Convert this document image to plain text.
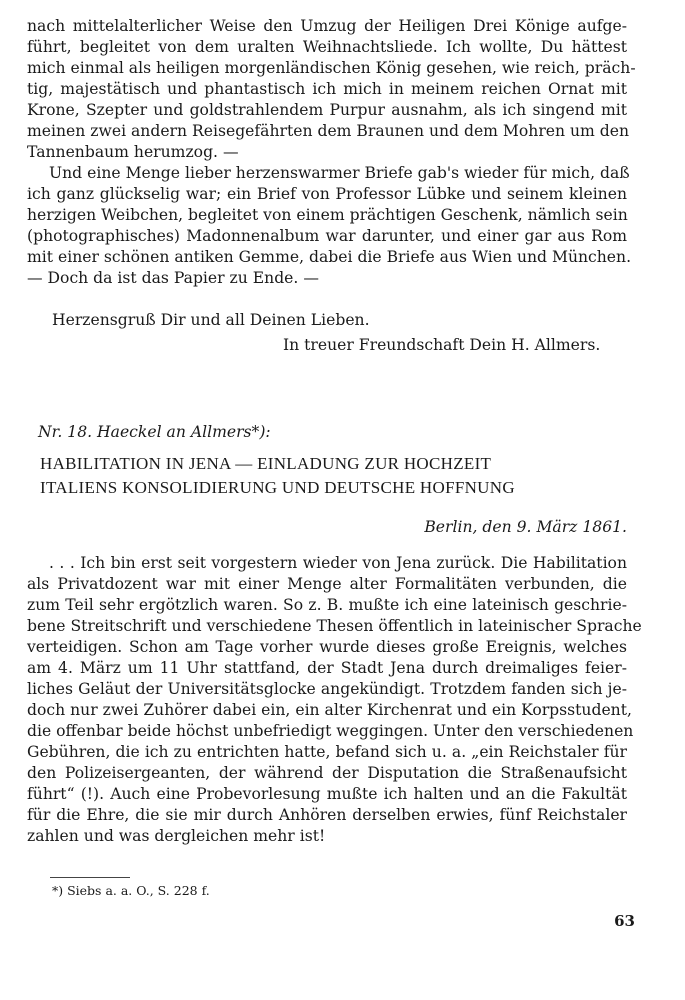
nach mittelalterlicher Weise den Umzug der Heiligen Drei Könige aufge-
führt, begleitet von dem uralten Weihnachtsliede. Ich wollte, Du hättest
mich einmal als heiligen morgenländischen König gesehen, wie reich, präch-
tig, majestätisch und phantastisch ich mich in meinem reichen Ornat mit
Krone, Szepter und goldstrahlendem Purpur ausnahm, als ich singend mit
meinen zwei andern Reisegefährten dem Braunen und dem Mohren um den
Tannenbaum herumzog. —
Und eine Menge lieber herzenswarmer Briefe gab's wieder für mich, daß
ich ganz glückselig war; ein Brief von Professor Lübke und seinem kleinen
herzigen Weibchen, begleitet von einem prächtigen Geschenk, nämlich sein
(photographisches) Madonnenalbum war darunter, und einer gar aus Rom
mit einer schönen antiken Gemme, dabei die Briefe aus Wien und München.
— Doch da ist das Papier zu Ende. —
Herzensgruß Dir und all Deinen Lieben.
In treuer Freundschaft Dein H. Allmers.
Nr. 18. Haeckel an Allmers*):
HABILITATION IN JENA — EINLADUNG ZUR HOCHZEIT
ITALIENS KONSOLIDIERUNG UND DEUTSCHE HOFFNUNG
Berlin, den 9. März 1861.
. . . Ich bin erst seit vorgestern wieder von Jena zurück. Die Habilitation
als Privatdozent war mit einer Menge alter Formalitäten verbunden, die
zum Teil sehr ergötzlich waren. So z. B. mußte ich eine lateinisch geschrie-
bene Streitschrift und verschiedene Thesen öffentlich in lateinischer Sprache
verteidigen. Schon am Tage vorher wurde dieses große Ereignis, welches
am 4. März um 11 Uhr stattfand, der Stadt Jena durch dreimaliges feier-
liches Geläut der Universitätsglocke angekündigt. Trotzdem fanden sich je-
doch nur zwei Zuhörer dabei ein, ein alter Kirchenrat und ein Korpsstudent,
die offenbar beide höchst unbefriedigt weggingen. Unter den verschiedenen
Gebühren, die ich zu entrichten hatte, befand sich u. a. „ein Reichstaler für
den Polizeisergeanten, der während der Disputation die Straßenaufsicht
führt“ (!). Auch eine Probevorlesung mußte ich halten und an die Fakultät
für die Ehre, die sie mir durch Anhören derselben erwies, fünf Reichstaler
zahlen und was dergleichen mehr ist!
*) Siebs a. a. O., S. 228 f.
63
